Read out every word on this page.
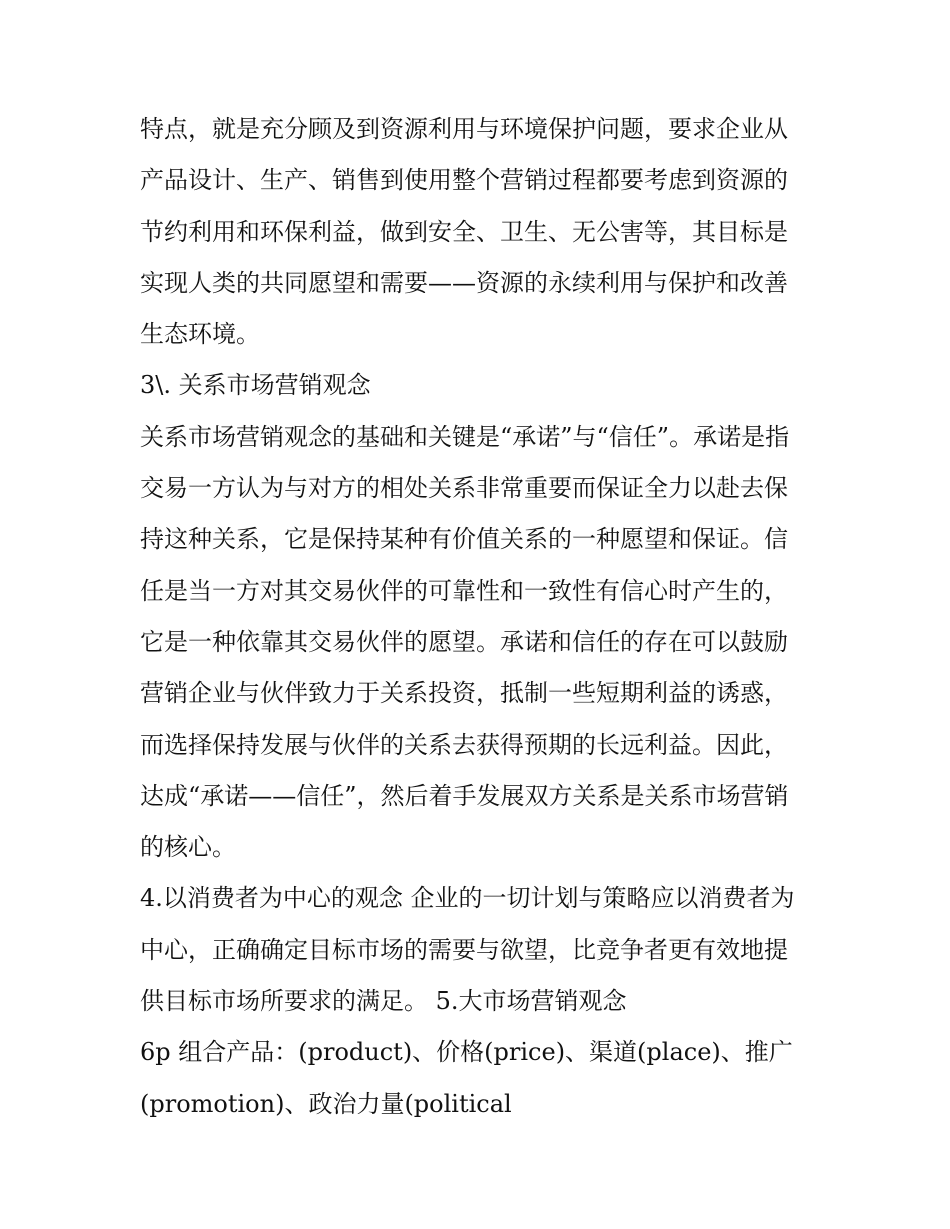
特点，就是充分顾及到资源利用与环境保护问题，要求企业从
产品设计、生产、销售到使用整个营销过程都要考虑到资源的
节约利用和环保利益，做到安全、卫生、无公害等，其目标是
实现人类的共同愿望和需要——资源的永续利用与保护和改善
生态环境。
3\. 关系市场营销观念
关系市场营销观念的基础和关键是“承诺”与“信任”。承诺是指
交易一方认为与对方的相处关系非常重要而保证全力以赴去保
持这种关系，它是保持某种有价值关系的一种愿望和保证。信
任是当一方对其交易伙伴的可靠性和一致性有信心时产生的，
它是一种依靠其交易伙伴的愿望。承诺和信任的存在可以鼓励
营销企业与伙伴致力于关系投资，抵制一些短期利益的诱惑，
而选择保持发展与伙伴的关系去获得预期的长远利益。因此，
达成“承诺——信任”，然后着手发展双方关系是关系市场营销
的核心。
4.以消费者为中心的观念 企业的一切计划与策略应以消费者为
中心，正确确定目标市场的需要与欲望，比竞争者更有效地提
供目标市场所要求的满足。 5.大市场营销观念
6p 组合产品：(product)、价格(price)、渠道(place)、推广
(promotion)、政治力量(political
